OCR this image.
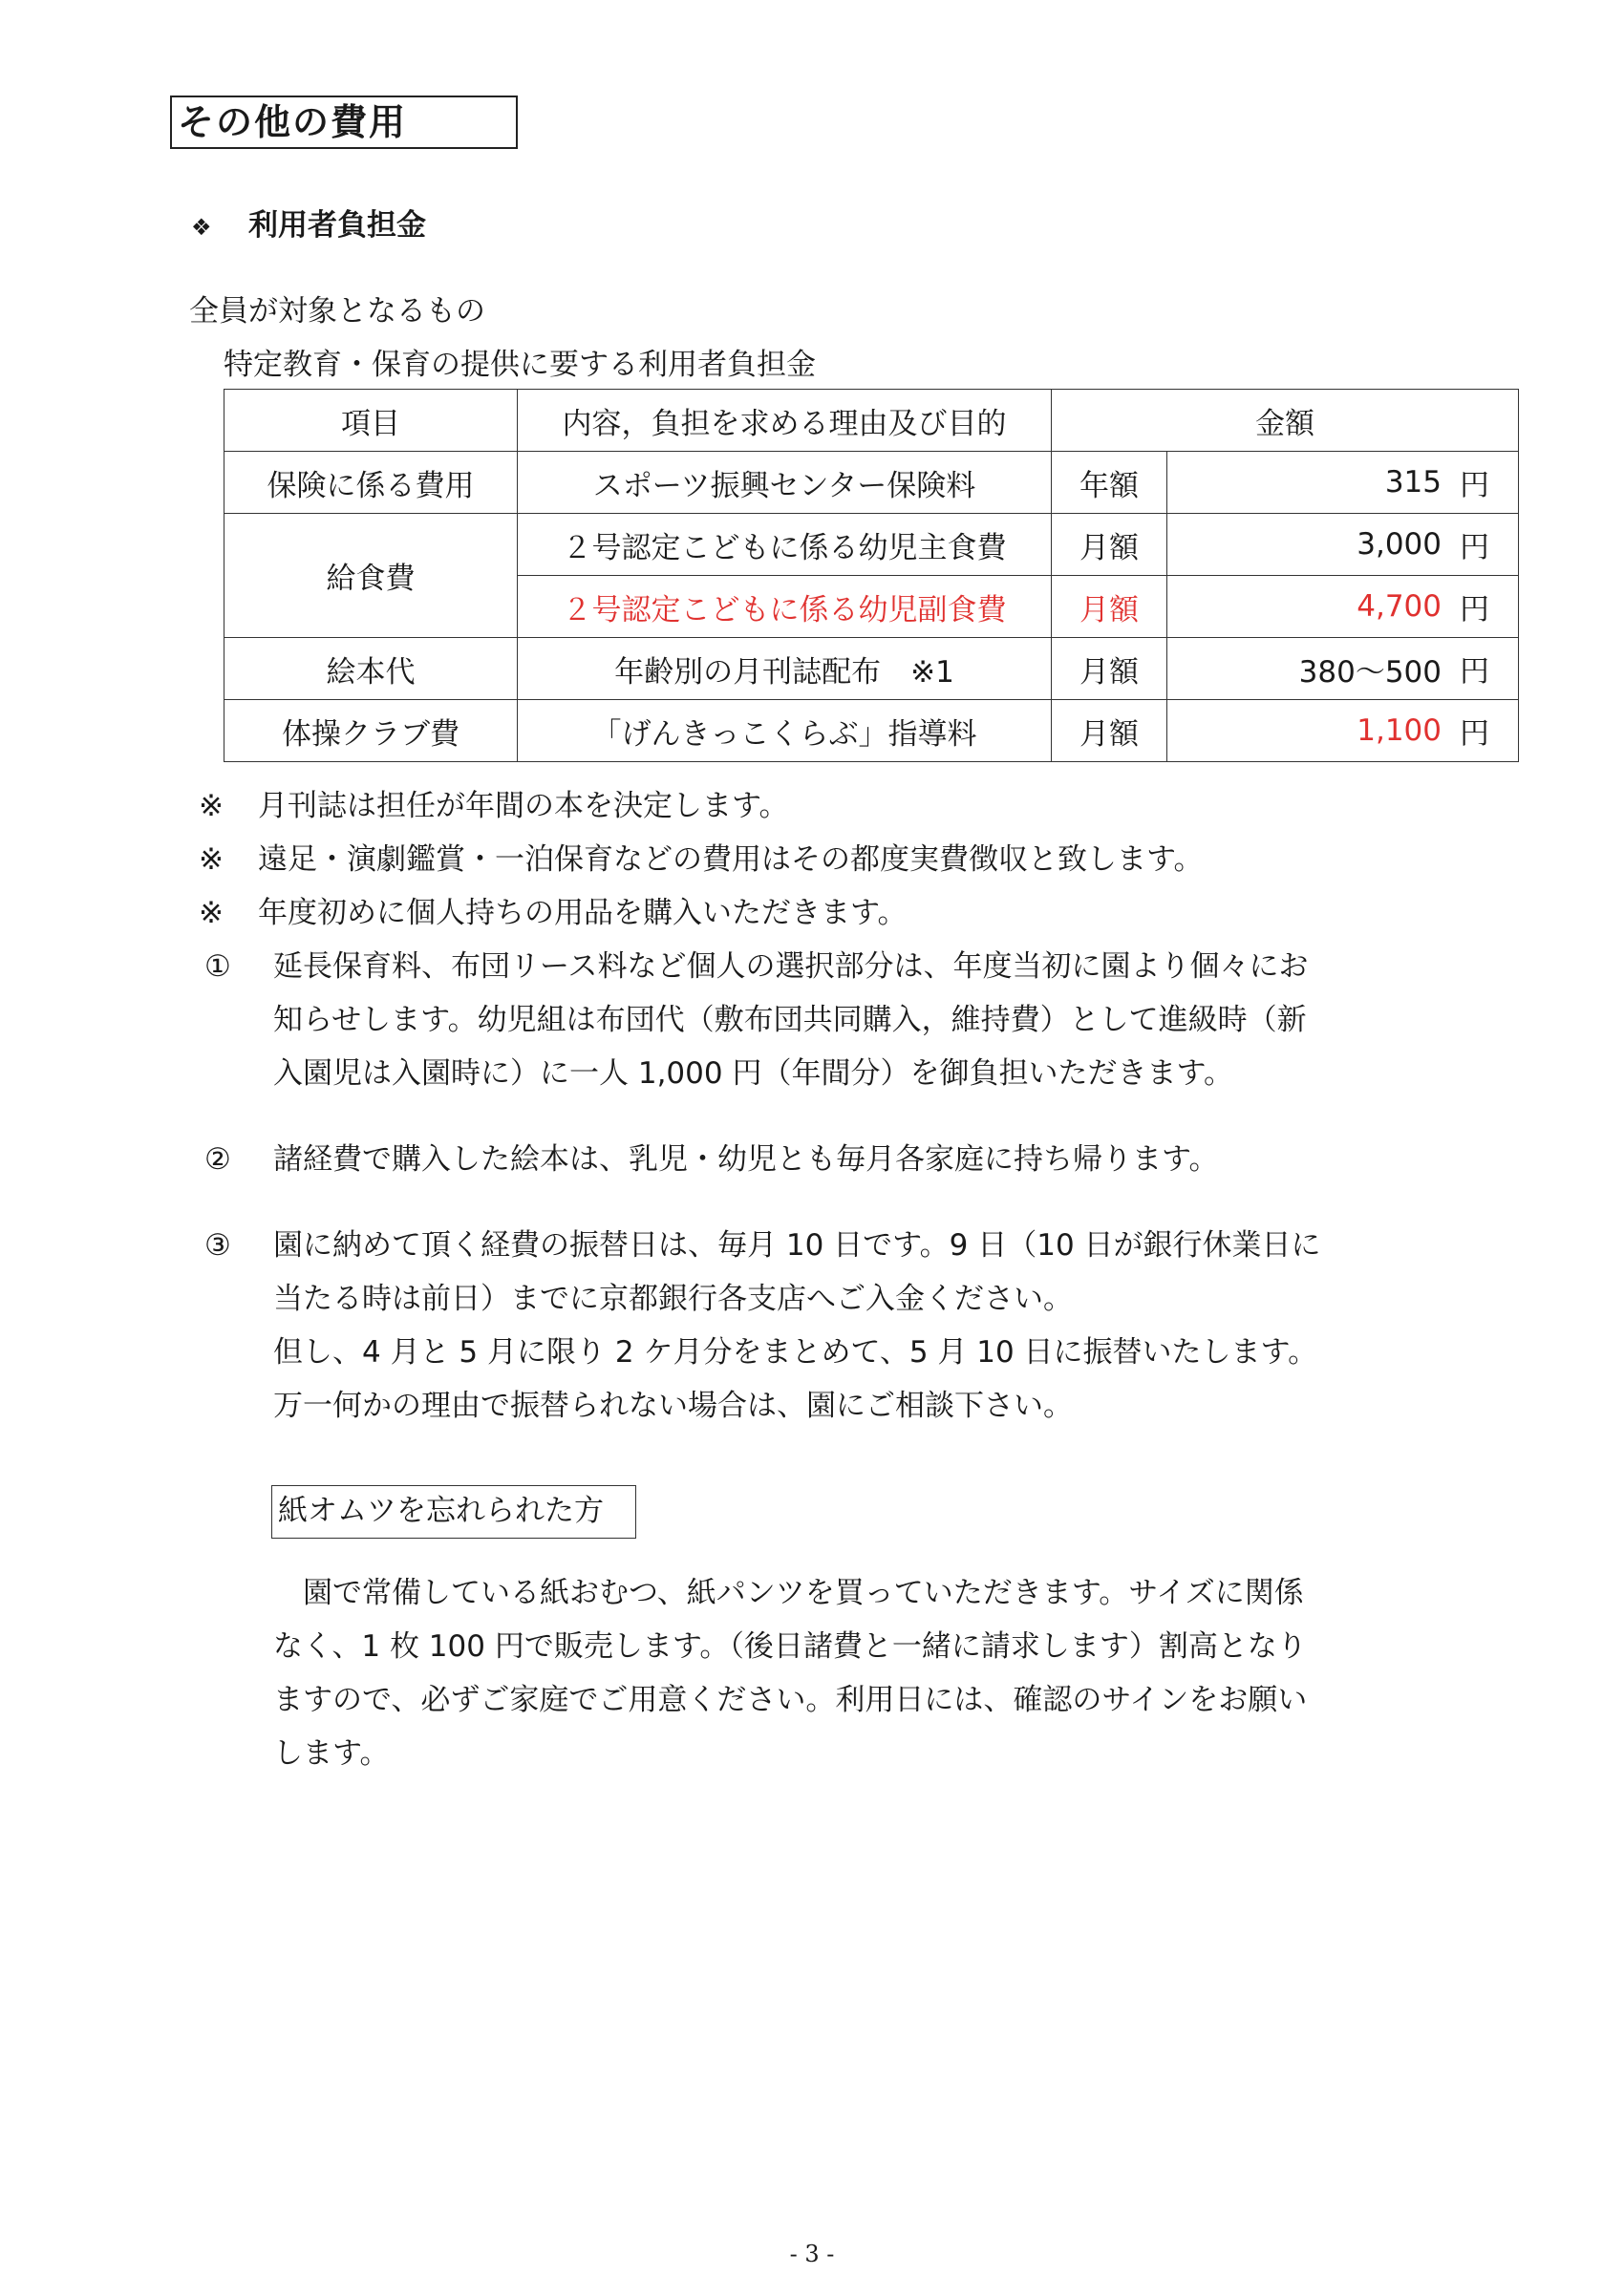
その他の費用
❖ 利用者負担金
全員が対象となるもの
特定教育・保育の提供に要する利用者負担金
項目	内容，負担を求める理由及び目的	金額	
保険に係る費用	スポーツ振興センター保険料	年額	315 円

給食費	２号認定こどもに係る幼児主食費	月額	3,000 円

	２号認定こどもに係る幼児副食費	月額	4,700 円

絵本代	年齢別の月刊誌配布　※1	月額	380～500 円

体操クラブ費	「げんきっこくらぶ」指導料	月額	1,100 円
※ 月刊誌は担任が年間の本を決定します。
※ 遠足・演劇鑑賞・一泊保育などの費用はその都度実費徴収と致します。
※ 年度初めに個人持ちの用品を購入いただきます。
① 延長保育料、布団リース料など個人の選択部分は、年度当初に園より個々にお
知らせします。幼児組は布団代（敷布団共同購入，維持費）として進級時（新
入園児は入園時に）に一人 1,000 円（年間分）を御負担いただきます。
② 諸経費で購入した絵本は、乳児・幼児とも毎月各家庭に持ち帰ります。
③ 園に納めて頂く経費の振替日は、毎月 10 日です。9 日（10 日が銀行休業日に
当たる時は前日）までに京都銀行各支店へご入金ください。
但し、4 月と 5 月に限り 2 ケ月分をまとめて、5 月 10 日に振替いたします。
万一何かの理由で振替られない場合は、園にご相談下さい。
紙オムツを忘れられた方
　園で常備している紙おむつ、紙パンツを買っていただきます。サイズに関係
なく、1 枚 100 円で販売します。（後日諸費と一緒に請求します）割高となり
ますので、必ずご家庭でご用意ください。利用日には、確認のサインをお願い
します。
- 3 -
